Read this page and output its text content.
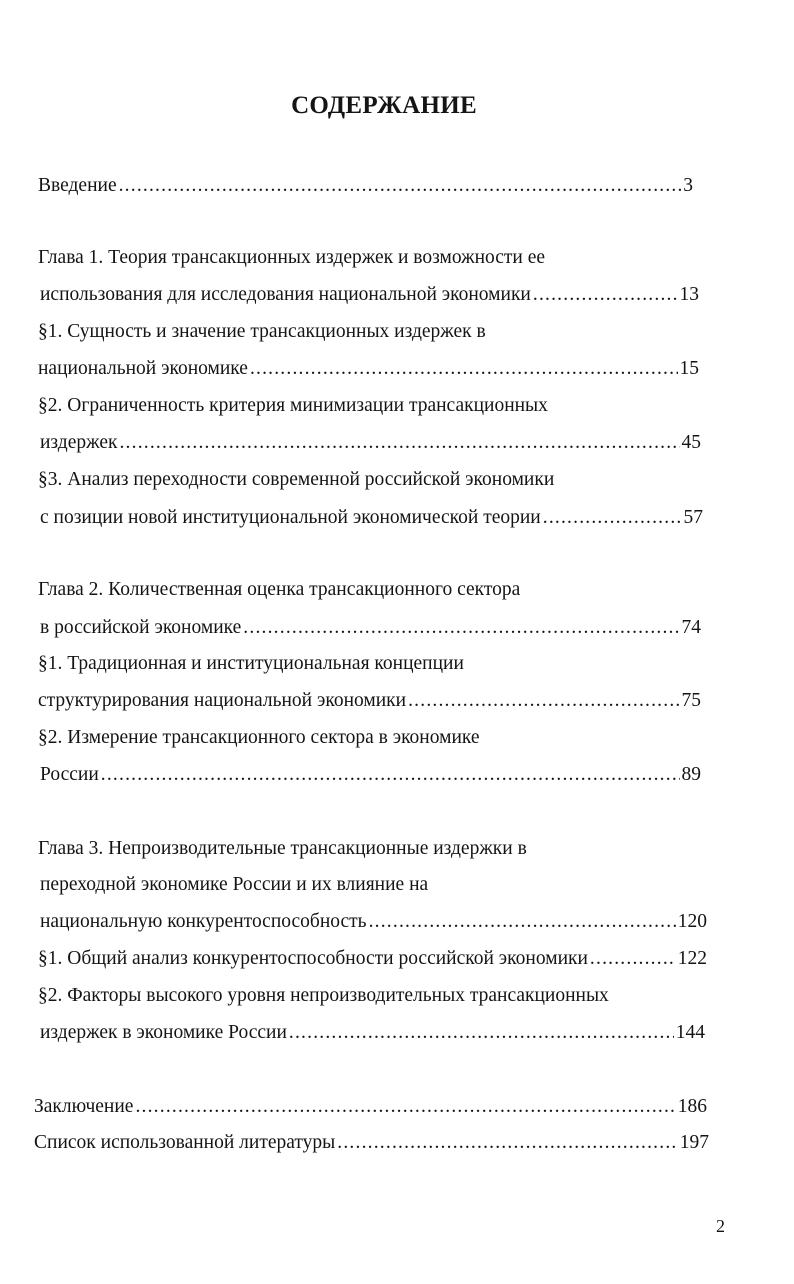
СОДЕРЖАНИЕ
Введение .....	3
Глава 1. Теория трансакционных издержек и возможности ее
использования для исследования национальной экономики .....	13
§1. Сущность и значение трансакционных издержек в
национальной экономике .....	15
§2. Ограниченность критерия минимизации трансакционных
издержек .....	45
§3. Анализ переходности современной российской экономики
с позиции новой институциональной экономической теории .....	57
Глава 2. Количественная оценка трансакционного сектора
в российской экономике .....	74
§1. Традиционная и институциональная концепции
структурирования национальной экономики .....	75
§2. Измерение трансакционного сектора в экономике
России .....	89
Глава 3. Непроизводительные трансакционные издержки в
переходной экономике России и их влияние на
национальную конкурентоспособность .....	120
§1. Общий анализ конкурентоспособности российской экономики .....	122
§2. Факторы высокого уровня непроизводительных трансакционных
издержек в экономике России .....	144
Заключение .....	186
Список использованной литературы .....	197
2
